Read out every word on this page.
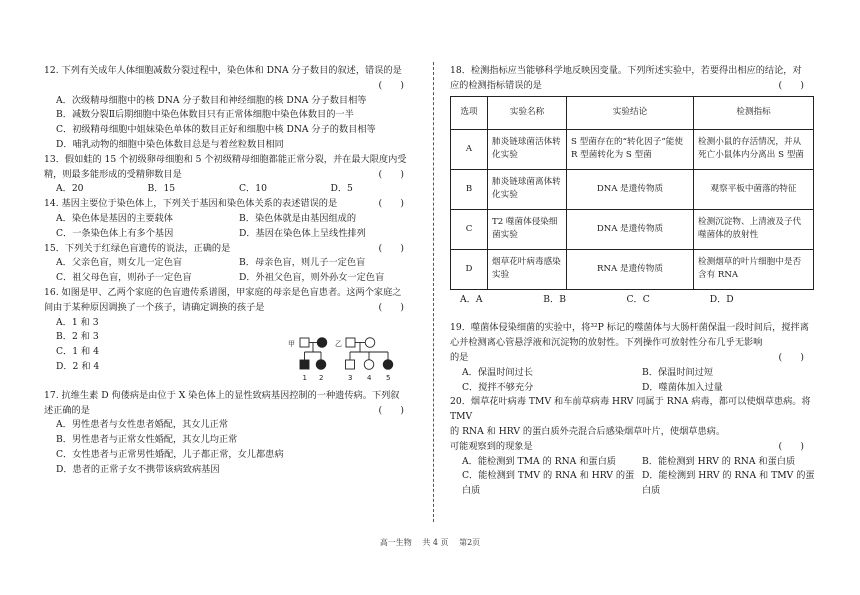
12. 下列有关成年人体细胞减数分裂过程中，染色体和 DNA 分子数目的叙述，错误的是
(　　)

A．次级精母细胞中的核 DNA 分子数目和神经细胞的核 DNA 分子数目相等
B．减数分裂Ⅱ后期细胞中染色体数目只有正常体细胞中染色体数目的一半
C．初级精母细胞中姐妹染色单体的数目正好和细胞中核 DNA 分子的数目相等
D．哺乳动物的细胞中染色体数目总是与着丝粒数目相同
13．假如蛙的 15 个初级卵母细胞和 5 个初级精母细胞都能正常分裂，并在最大限度内受
精，则最多能形成的受精卵数目是	(　　)
A．20	B．15	C．10	D．5
14. 基因主要位于染色体上，下列关于基因和染色体关系的表述错误的是	(　　)
A．染色体是基因的主要载体	B．染色体就是由基因组成的
C．一条染色体上有多个基因	D．基因在染色体上呈线性排列
15．下列关于红绿色盲遗传的说法，正确的是	(　　)
A．父亲色盲，则女儿一定色盲	B．母亲色盲，则儿子一定色盲
C．祖父母色盲，则孙子一定色盲	D．外祖父色盲，则外孙女一定色盲
16. 如图是甲、乙两个家庭的色盲遗传系谱图，甲家庭的母亲是色盲患者。这两个家庭之
间由于某种原因调换了一个孩子，请确定调换的孩子是	(　　)
A．1 和 3
B．2 和 3
C．1 和 4
D．2 和 4
17. 抗维生素 D 佝偻病是由位于 X 染色体上的显性致病基因控制的一种遗传病。下列叙
述正确的是	(　　)
A．男性患者与女性患者婚配，其女儿正常
B．男性患者与正常女性婚配，其女儿均正常
C．女性患者与正常男性婚配，儿子都正常，女儿都患病
D．患者的正常子女不携带该病致病基因
甲
1 2
乙
3 4 5
18．检测指标应当能够科学地反映因变量。下列所述实验中，若要得出相应的结论，对
应的检测指标错误的是	(　　)
选项	实验名称	实验结论	检测指标
A	肺炎链球菌活体转化实验	S 型菌存在的“转化因子”能使 R 型菌转化为 S 型菌	检测小鼠的存活情况，并从死亡小鼠体内分离出 S 型菌
B	肺炎链球菌离体转化实验	DNA 是遗传物质	观察平板中菌落的特征
C	T2 噬菌体侵染细菌实验	DNA 是遗传物质	检测沉淀物、上清液及子代噬菌体的放射性
D	烟草花叶病毒感染实验	RNA 是遗传物质	检测烟草的叶片细胞中是否含有 RNA
A．A	B．B	C．C	D．D
19．噬菌体侵染细菌的实验中，将³²P 标记的噬菌体与大肠杆菌保温一段时间后，搅拌离
心并检测离心管悬浮液和沉淀物的放射性。下列操作可放射性分布几乎无影响
的是	(　　)
A．保温时间过长	B．保温时间过短
C．搅拌不够充分	D．噬菌体加入过量
20．烟草花叶病毒 TMV 和车前草病毒 HRV 同属于 RNA 病毒，都可以使烟草患病。将 TMV
的 RNA 和 HRV 的蛋白质外壳混合后感染烟草叶片，使烟草患病。
可能观察到的现象是	(　　)
A．能检测到 TMA 的 RNA 和蛋白质	B．能检测到 HRV 的 RNA 和蛋白质
C．能检测到 TMV 的 RNA 和 HRV 的蛋白质
D．能检测到 HRV 的 RNA 和 TMV 的蛋白质
高一生物 共 4 页 第2页
